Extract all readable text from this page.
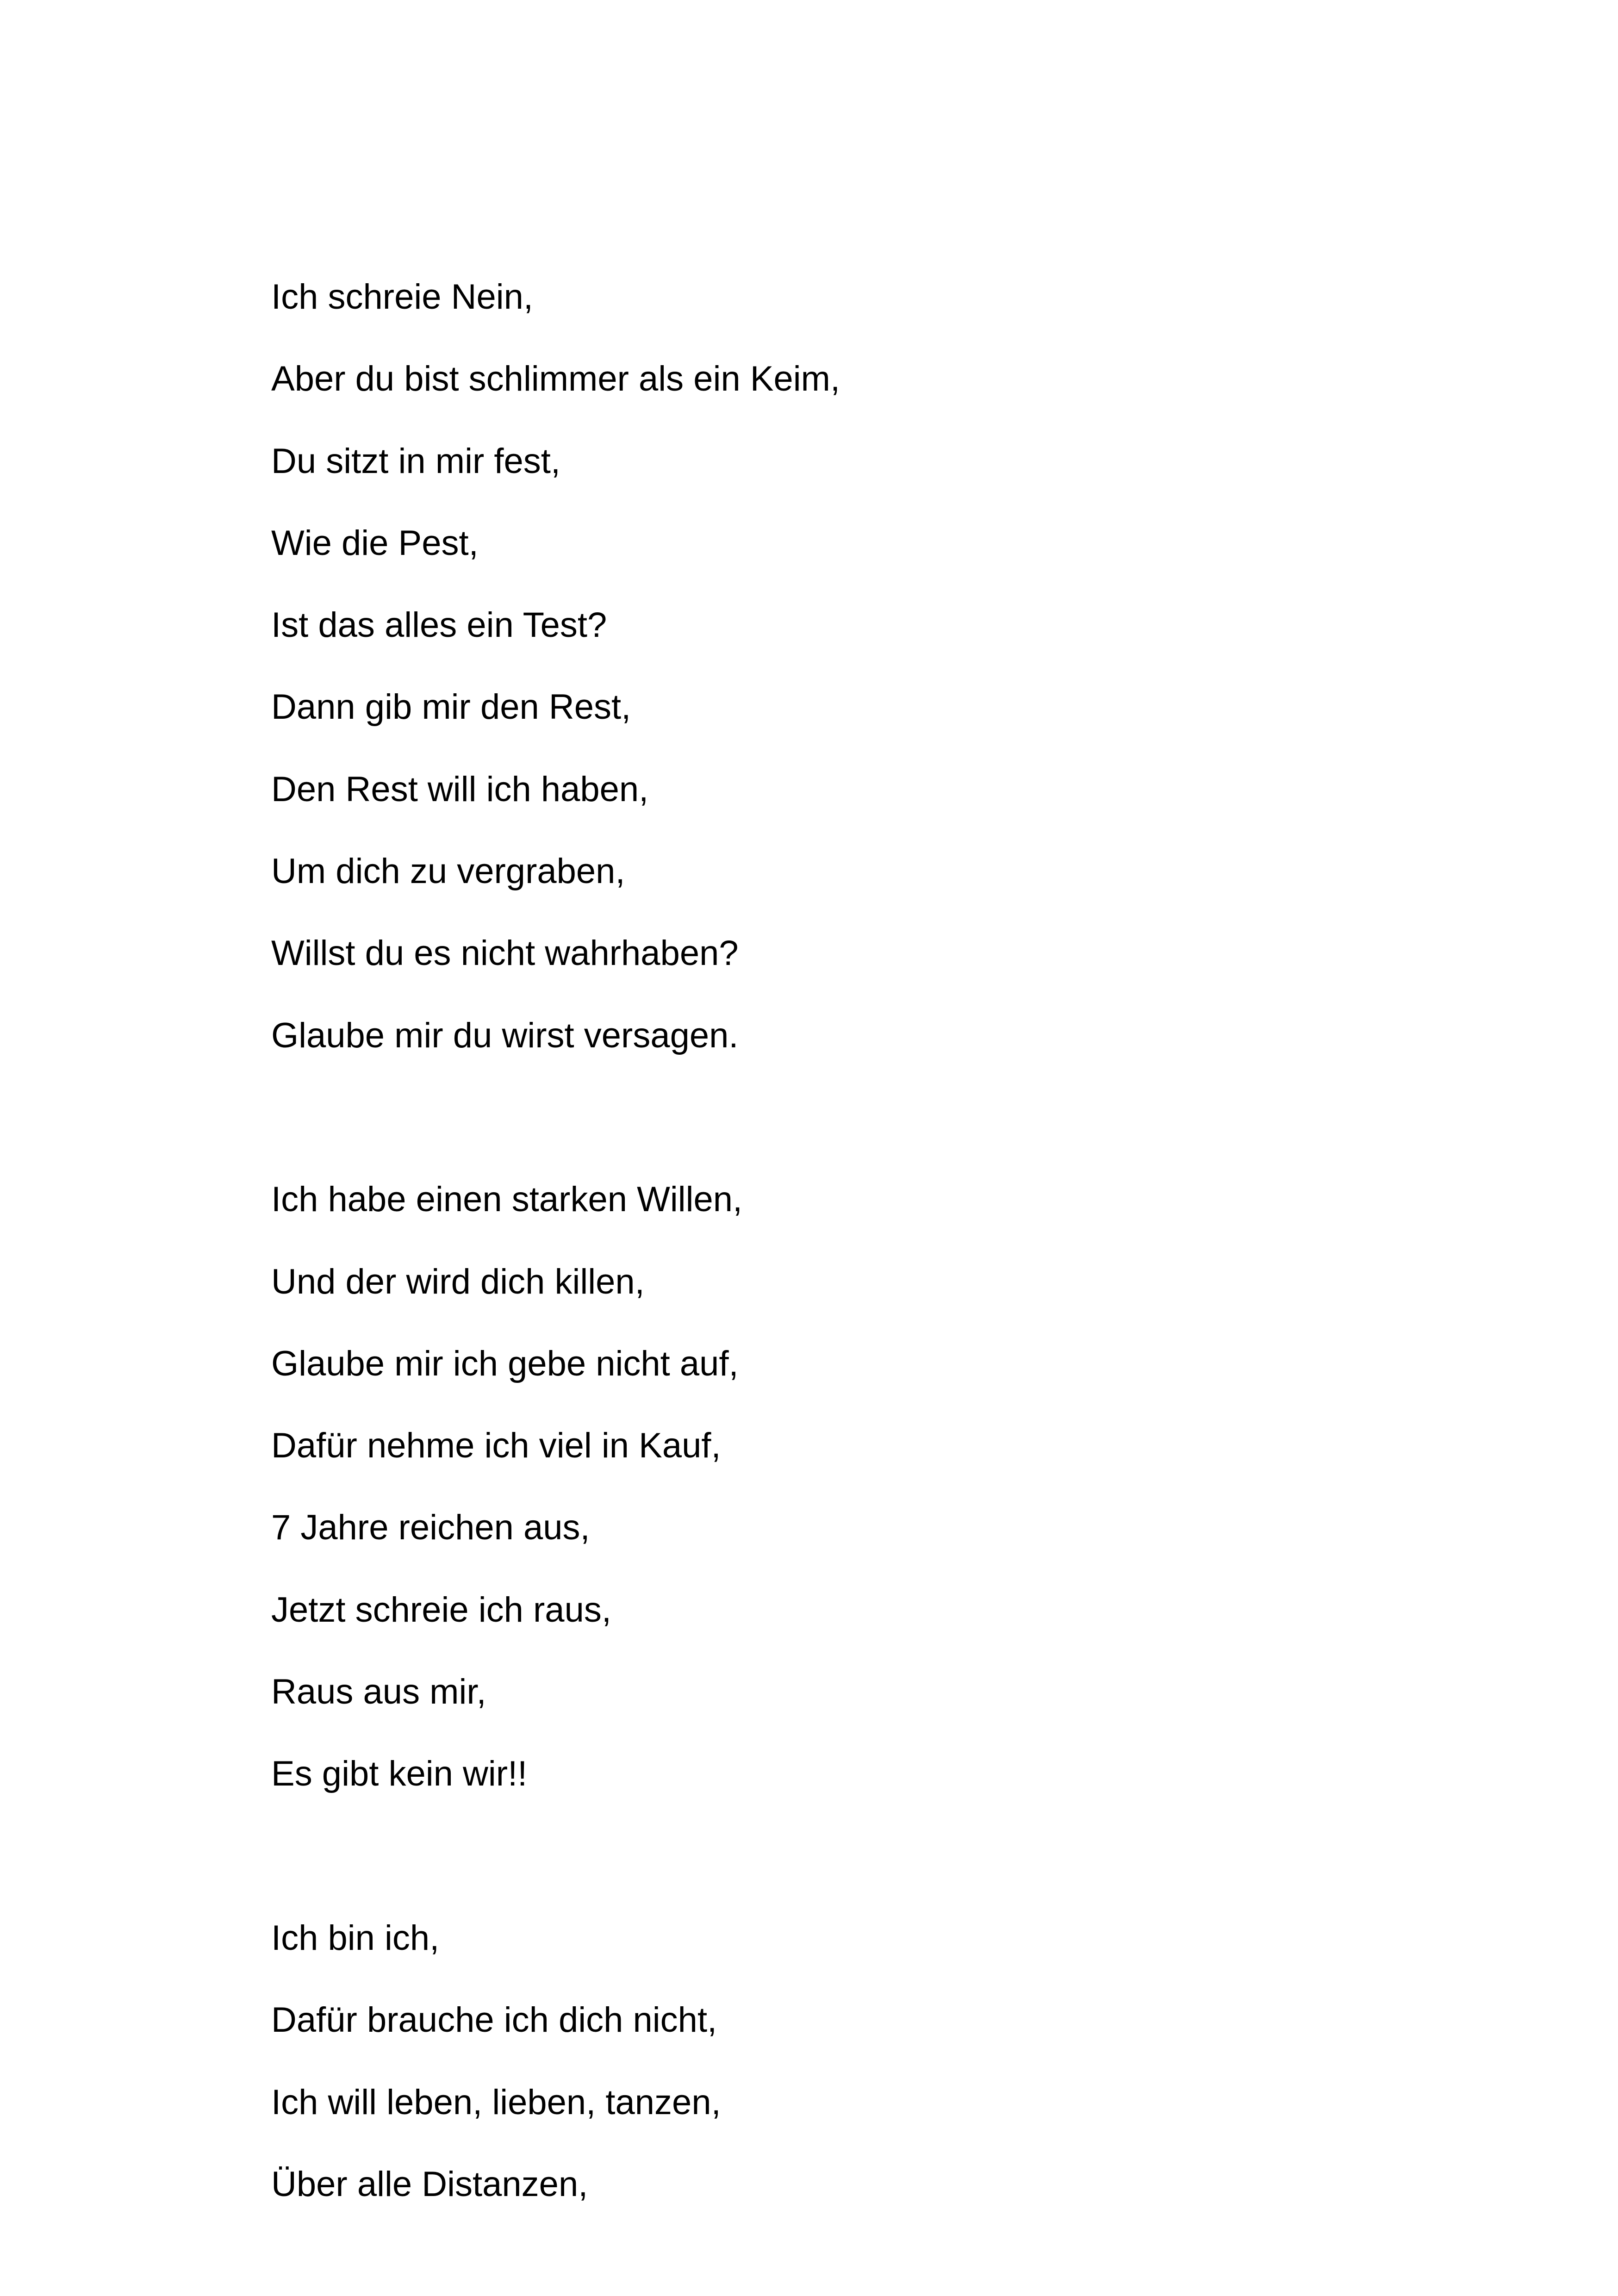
Ich schreie Nein,
Aber du bist schlimmer als ein Keim,
Du sitzt in mir fest,
Wie die Pest,
Ist das alles ein Test?
Dann gib mir den Rest,
Den Rest will ich haben,
Um dich zu vergraben,
Willst du es nicht wahrhaben?
Glaube mir du wirst versagen.
Ich habe einen starken Willen,
Und der wird dich killen,
Glaube mir ich gebe nicht auf,
Dafür nehme ich viel in Kauf,
7 Jahre reichen aus,
Jetzt schreie ich raus,
Raus aus mir,
Es gibt kein wir!!
Ich bin ich,
Dafür brauche ich dich nicht,
Ich will leben, lieben, tanzen,
Über alle Distanzen,
